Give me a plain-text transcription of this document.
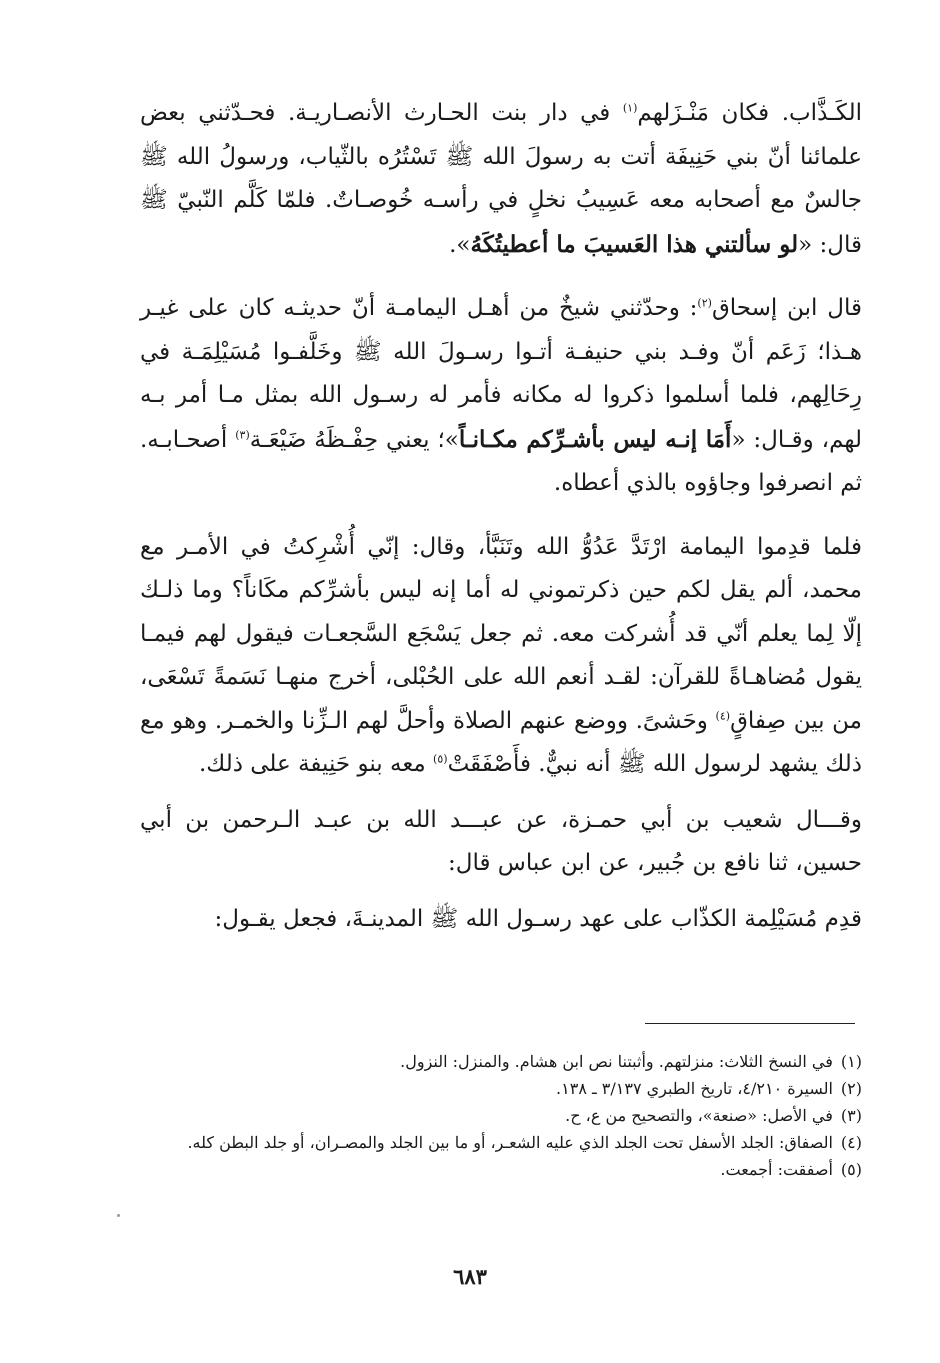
الكَـذَّاب. فكان مَنْـزَلهم$^{(١)}$ في دار بنت الحـارث الأنصـاريـة. فحـدّثني بعض علمائنا أنّ بني حَنِيفَة أتت به رسولَ الله ﷺ تَسْتُرُه بالثّياب، ورسولُ الله ﷺ جالسٌ مع أصحابه معه عَسِيبُ نخلٍ في رأسـه خُوصـاتٌ. فلمّا كَلَّم النّبيّ ﷺ قال: «لو سألتني هذا العَسيبَ ما أعطيتُكَهُ».

قال ابن إسحاق$^{(٢)}$: وحدّثني شيخٌ من أهـل اليمامـة أنّ حديثـه كان على غيـر هـذا؛ زَعَم أنّ وفـد بني حنيفـة أتـوا رسـولَ الله ﷺ وخَلَّفـوا مُسَيْلِمَـة في رِحَالِهم، فلما أسلموا ذكروا له مكانه فأمر له رسـول الله بمثل مـا أمر بـه لهم، وقـال: «أَمَا إنـه ليس بأشـرِّكم مكـانـاً»؛ يعني حِفْـظَهُ ضَيْعَـة$^{(٣)}$ أصحـابـه. ثم انصرفوا وجاؤوه بالذي أعطاه.

فلما قدِموا اليمامة ارْتَدَّ عَدُوُّ الله وتَنَبَّأ، وقال: إنّي أُشْرِكتُ في الأمـر مع محمد، ألم يقل لكم حين ذكرتموني له أما إنه ليس بأشرِّكم مكَاناً؟ وما ذلـك إلّا لِما يعلم أنّي قد أُشركت معه. ثم جعل يَسْجَع السَّجعـات فيقول لهم فيمـا يقول مُضاهـاةً للقرآن: لقـد أنعم الله على الحُبْلى، أخرج منهـا نَسَمةً تَسْعَى، من بين صِفاقٍ$^{(٤)}$ وحَشىً. ووضع عنهم الصلاة وأحلَّ لهم الـزِّنا والخمـر. وهو مع ذلك يشهد لرسول الله ﷺ أنه نبيٌّ. فأَصْفَقَتْ$^{(٥)}$ معه بنو حَنِيفة على ذلك.

وقـــال شعيب بن أبي حمـزة، عن عبـــد الله بن عبـد الـرحمن بن أبي حسين، ثنا نافع بن جُبير، عن ابن عباس قال:

قدِم مُسَيْلِمة الكذّاب على عهد رسـول الله ﷺ المدينـةَ، فجعل يقـول:

(١)
في النسخ الثلاث: منزلتهم. وأثبتنا نص ابن هشام. والمنزل: النزول.

(٢)
السيرة ٤/٢١٠، تاريخ الطبري ٣/١٣٧ ـ ١٣٨.

(٣)
في الأصل: «صنعة»، والتصحيح من ع، ح.

(٤)
الصفاق: الجلد الأسفل تحت الجلد الذي عليه الشعـر، أو ما بين الجلد والمصـران، أو جلد البطن كله.

(٥)
أصفقت: أجمعت.

٦٨٣
